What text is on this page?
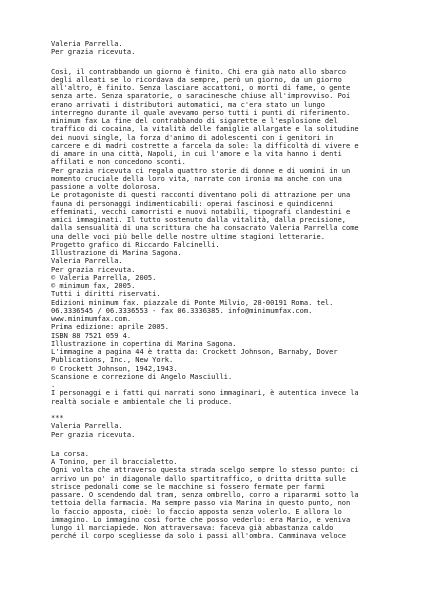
Valeria Parrella.
Per grazia ricevuta.
Così, il contrabbando un giorno è finito. Chi era già nato allo sbarco
degli alleati se lo ricordava da sempre, però un giorno, da un giorno
all'altro, è finito. Senza lasciare accattoni, o morti di fame, o gente
senza arte. Senza sparatorie, o saracinesche chiuse all'improvviso. Poi
erano arrivati i distributori automatici, ma c'era stato un lungo
interregno durante il quale avevamo perso tutti i punti di riferimento.
minimum fax La fine del contrabbando di sigarette e l'esplosione del
traffico di cocaina, la vitalità delle famiglie allargate e la solitudine
dei nuovi single, la forza d'animo di adolescenti con i genitori in
carcere e di madri costrette a farcela da sole: la difficoltà di vivere e
di amare in una città, Napoli, in cui l'amore e la vita hanno i denti
affilati e non concedono sconti.
Per grazia ricevuta ci regala quattro storie di donne e di uomini in un
momento cruciale della loro vita, narrate con ironia ma anche con una
passione a volte dolorosa.
Le protagoniste di questi racconti diventano poli di attrazione per una
fauna di personaggi indimenticabili: operai fascinosi e quindicenni
effeminati, vecchi camorristi e nuovi notabili, tipografi clandestini e
amici immaginati. Il tutto sostenuto dalla vitalità, dalla precisione,
dalla sensualità di una scrittura che ha consacrato Valeria Parrella come
una delle voci più belle delle nostre ultime stagioni letterarie.
Progetto grafico di Riccardo Falcinelli.
Illustrazione di Marina Sagona.
Valeria Parrella.
Per grazia ricevuta.
© Valeria Parrella, 2005.
© minimum fax, 2005.
Tutti i diritti riservati.
Edizioni minimum fax. piazzale di Ponte Milvio, 28-00191 Roma. tel.
06.3336545 / 06.3336553 - fax 06.3336385. info@minimumfax.com.
www.minimumfax.com.
Prima edizione: aprile 2005.
ISBN 88 7521 059 4.
Illustrazione in copertina di Marina Sagona.
L'immagine a pagina 44 è tratta da: Crockett Johnson, Barnaby, Dover
Publications, Inc., New York.
© Crockett Johnson, 1942,1943.
Scansione e correzione di Angelo Masciulli.
.
I personaggi e i fatti qui narrati sono immaginari, è autentica invece la
realtà sociale e ambientale che li produce.
***
Valeria Parrella.
Per grazia ricevuta.
La corsa.
A Tonino, per il braccialetto.
Ogni volta che attraverso questa strada scelgo sempre lo stesso punto: ci
arrivo un po' in diagonale dallo spartitraffico, o dritta dritta sulle
strisce pedonali come se le macchine si fossero fermate per farmi
passare. O scendendo dal tram, senza ombrello, corro a ripararmi sotto la
tettoia della farmacia. Ma sempre passo via Marina in questo punto, non
lo faccio apposta, cioè: lo faccio apposta senza volerlo. E allora lo
immagino. Lo immagino così forte che posso vederlo: era Mario, e veniva
lungo il marciapiede. Non attraversava: faceva già abbastanza caldo
perché il corpo scegliesse da solo i passi all'ombra. Camminava veloce
